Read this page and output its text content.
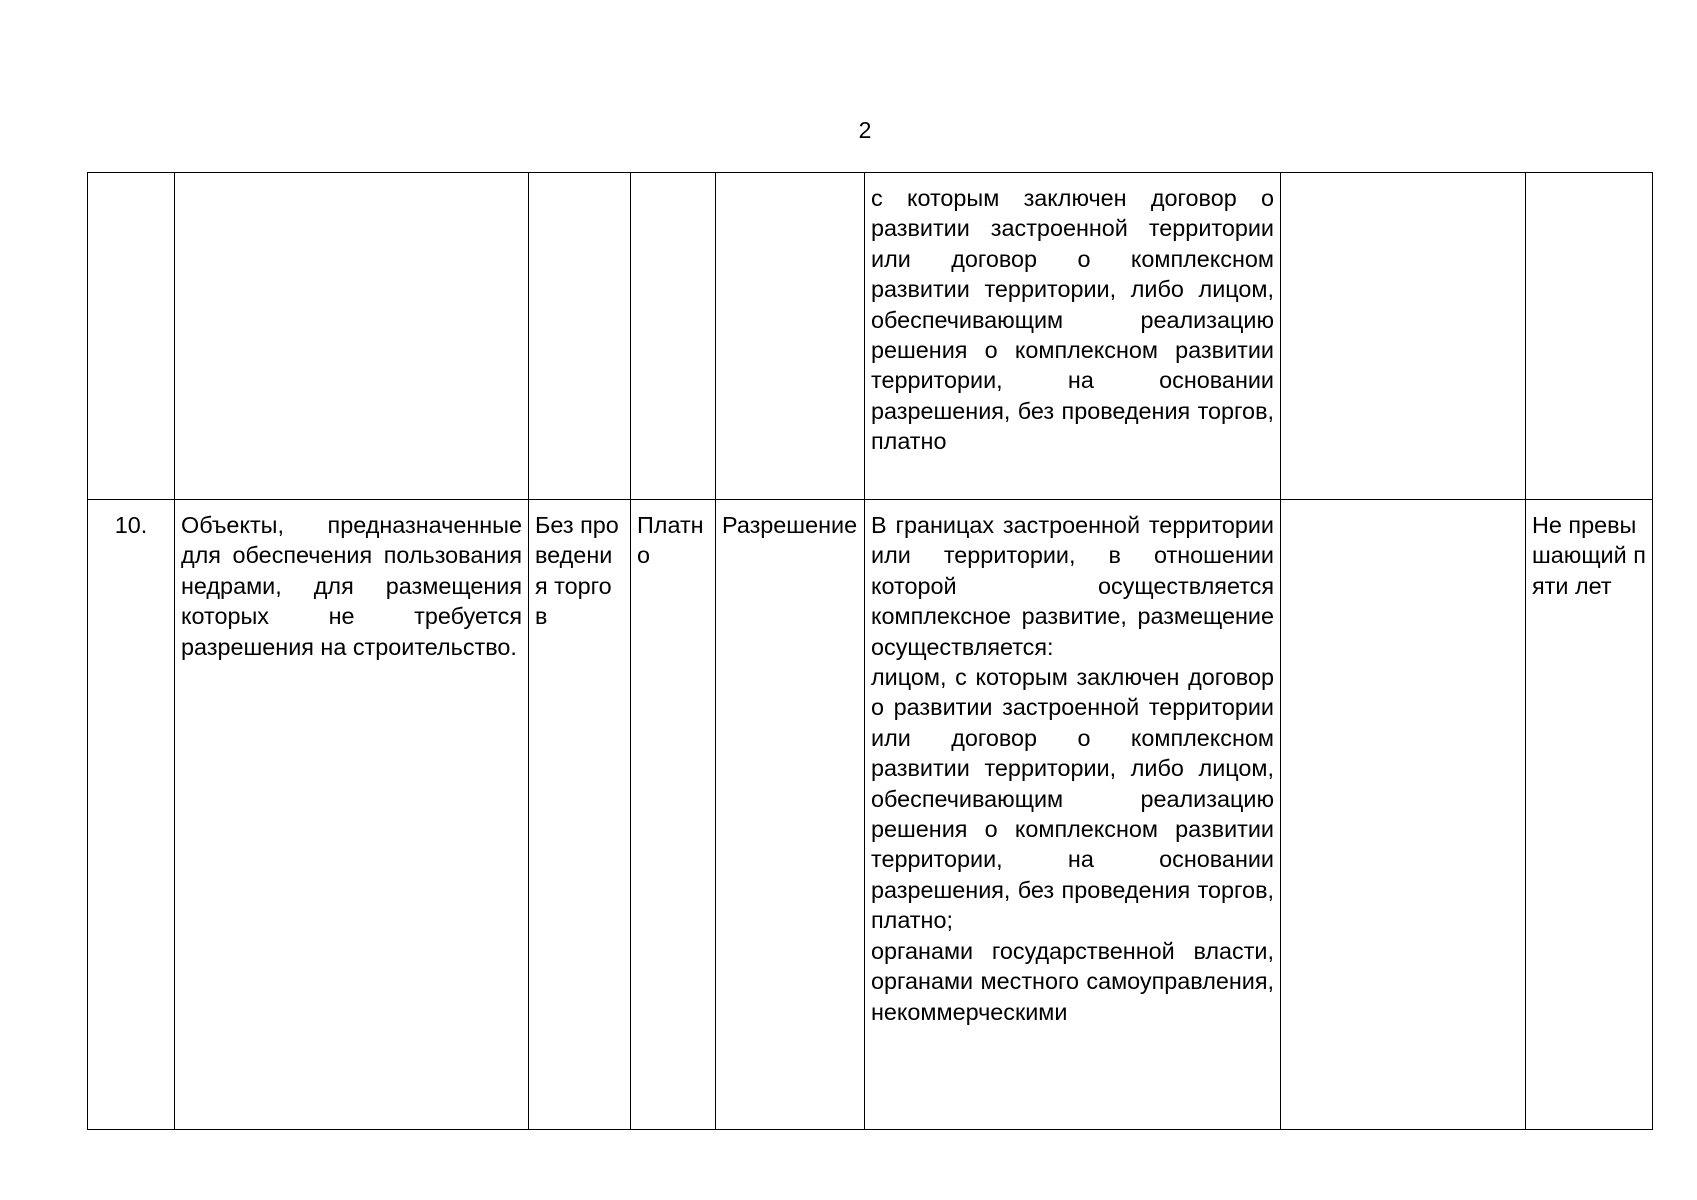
2

					с которым заключен договор о развитии застроенной территории или договор о комплексном развитии территории, либо лицом, обеспечивающим реализацию решения о комплексном развитии территории, на основании разрешения, без проведения торгов, платно		

10.	Объекты, предназначенные для обеспечения пользования недрами, для размещения которых не требуется разрешения на строительство.	Без проведения торгов	Платно	Разрешение	В границах застроенной территории или территории, в отношении которой осуществляется комплексное развитие, размещение осуществляется:
лицом, с которым заключен договор о развитии застроенной территории или договор о комплексном развитии территории, либо лицом, обеспечивающим реализацию решения о комплексном развитии территории, на основании разрешения, без проведения торгов, платно;
органами государственной власти, органами местного самоуправления, некоммерческими		Не превышающий пяти лет
